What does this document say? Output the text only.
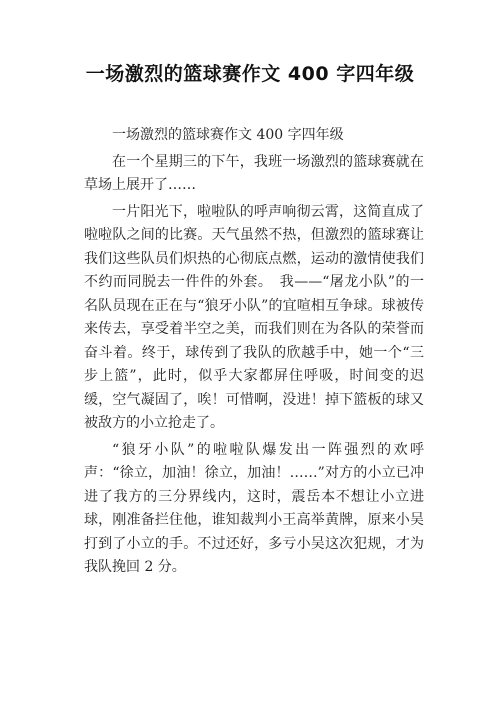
一场激烈的篮球赛作文 400 字四年级

一场激烈的篮球赛作文 400 字四年级

在一个星期三的下午，我班一场激烈的篮球赛就在草场上展开了……

一片阳光下，啦啦队的呼声响彻云霄，这简直成了啦啦队之间的比赛。天气虽然不热，但激烈的篮球赛让我们这些队员们炽热的心彻底点燃，运动的激情使我们不约而同脱去一件件的外套。　我——“屠龙小队”的一名队员现在正在与“狼牙小队”的宜喧相互争球。球被传来传去，享受着半空之美，而我们则在为各队的荣誉而奋斗着。终于，球传到了我队的欣越手中，她一个“三步上篮”，此时，似乎大家都屏住呼吸，时间变的迟缓，空气凝固了，唉！可惜啊，没进！掉下篮板的球又被敌方的小立抢走了。

“狼牙小队”的啦啦队爆发出一阵强烈的欢呼声：“徐立，加油！徐立，加油！……”对方的小立已冲进了我方的三分界线内，这时，震岳本不想让小立进球，刚准备拦住他，谁知裁判小王高举黄牌，原来小吴打到了小立的手。不过还好，多亏小吴这次犯规，才为我队挽回 2 分。
